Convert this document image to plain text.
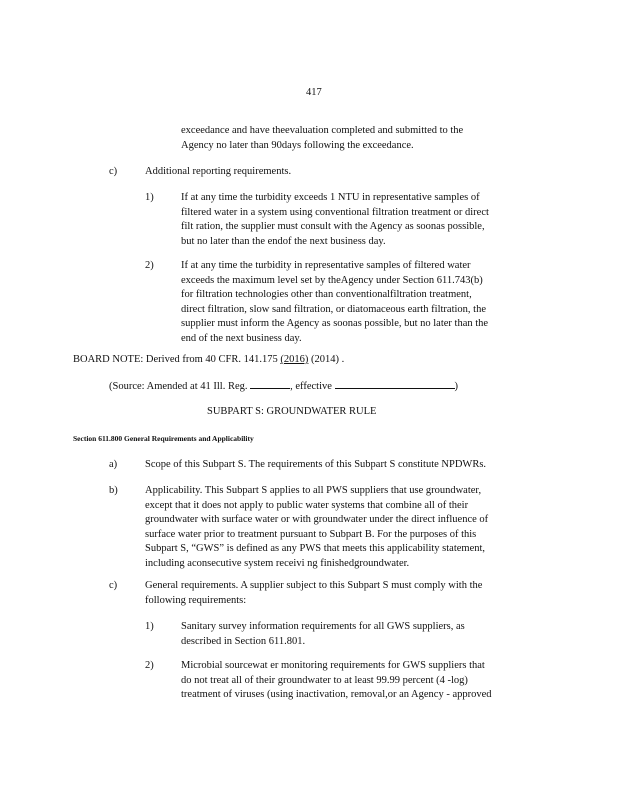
417
exceedance and have theevaluation completed and submitted to the
Agency no later than 90days following the exceedance.
c)	Additional reporting requirements.
1)	If at any time the turbidity exceeds 1 NTU in representative samples of
filtered water in a system using conventional filtration treatment or direct
filt ration, the supplier must consult with the Agency as soonas possible,
but no later than the endof the next business day.
2)	If at any time the turbidity in representative samples of filtered water
exceeds the maximum level set by theAgency under Section 611.743(b)
for filtration technologies other than conventionalfiltration treatment,
direct filtration, slow sand filtration, or diatomaceous earth filtration, the
supplier must inform the Agency as soonas possible, but no later than the
end of the next business day.
BOARD NOTE: Derived from 40 CFR. 141.175 (2016) (2014) .
(Source: Amended at 41 Ill. Reg.	, effective	)
SUBPART S: GROUNDWATER RULE
Section 611.800 General Requirements and Applicability
a)	Scope of this Subpart S. The requirements of this Subpart S constitute NPDWRs.
b)	Applicability. This Subpart S applies to all PWS suppliers that use groundwater,
except that it does not apply to public water systems that combine all of their
groundwater with surface water or with groundwater under the direct influence of
surface water prior to treatment pursuant to Subpart B. For the purposes of this
Subpart S, “GWS” is defined as any PWS that meets this applicability statement,
including aconsecutive system receivi ng finishedgroundwater.
c)	General requirements. A supplier subject to this Subpart S must comply with the
following requirements:
1)	Sanitary survey information requirements for all GWS suppliers, as
described in Section 611.801.
2)	Microbial sourcewat er monitoring requirements for GWS suppliers that
do not treat all of their groundwater to at least 99.99 percent (4 -log)
treatment of viruses (using inactivation, removal,or an Agency - approved
